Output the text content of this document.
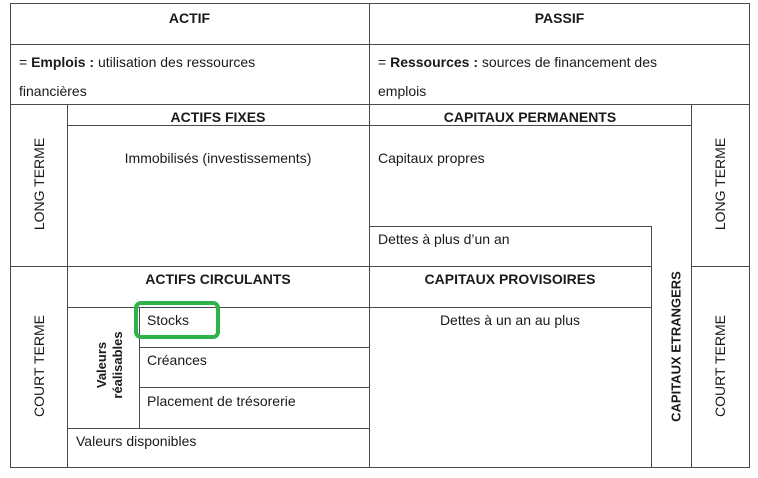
ACTIF	PASSIF
= Emplois : utilisation des ressources
financières
= Ressources : sources de financement des
emplois
LONG TERME
COURT TERME
LONG TERME
COURT TERME
CAPITAUX ETRANGERS
Valeurs
réalisables
ACTIFS FIXES
Immobilisés (investissements)
ACTIFS CIRCULANTS
Stocks
Créances
Placement de trésorerie
Valeurs disponibles
CAPITAUX PERMANENTS
Capitaux propres
Dettes à plus d’un an
CAPITAUX PROVISOIRES
Dettes à un an au plus
